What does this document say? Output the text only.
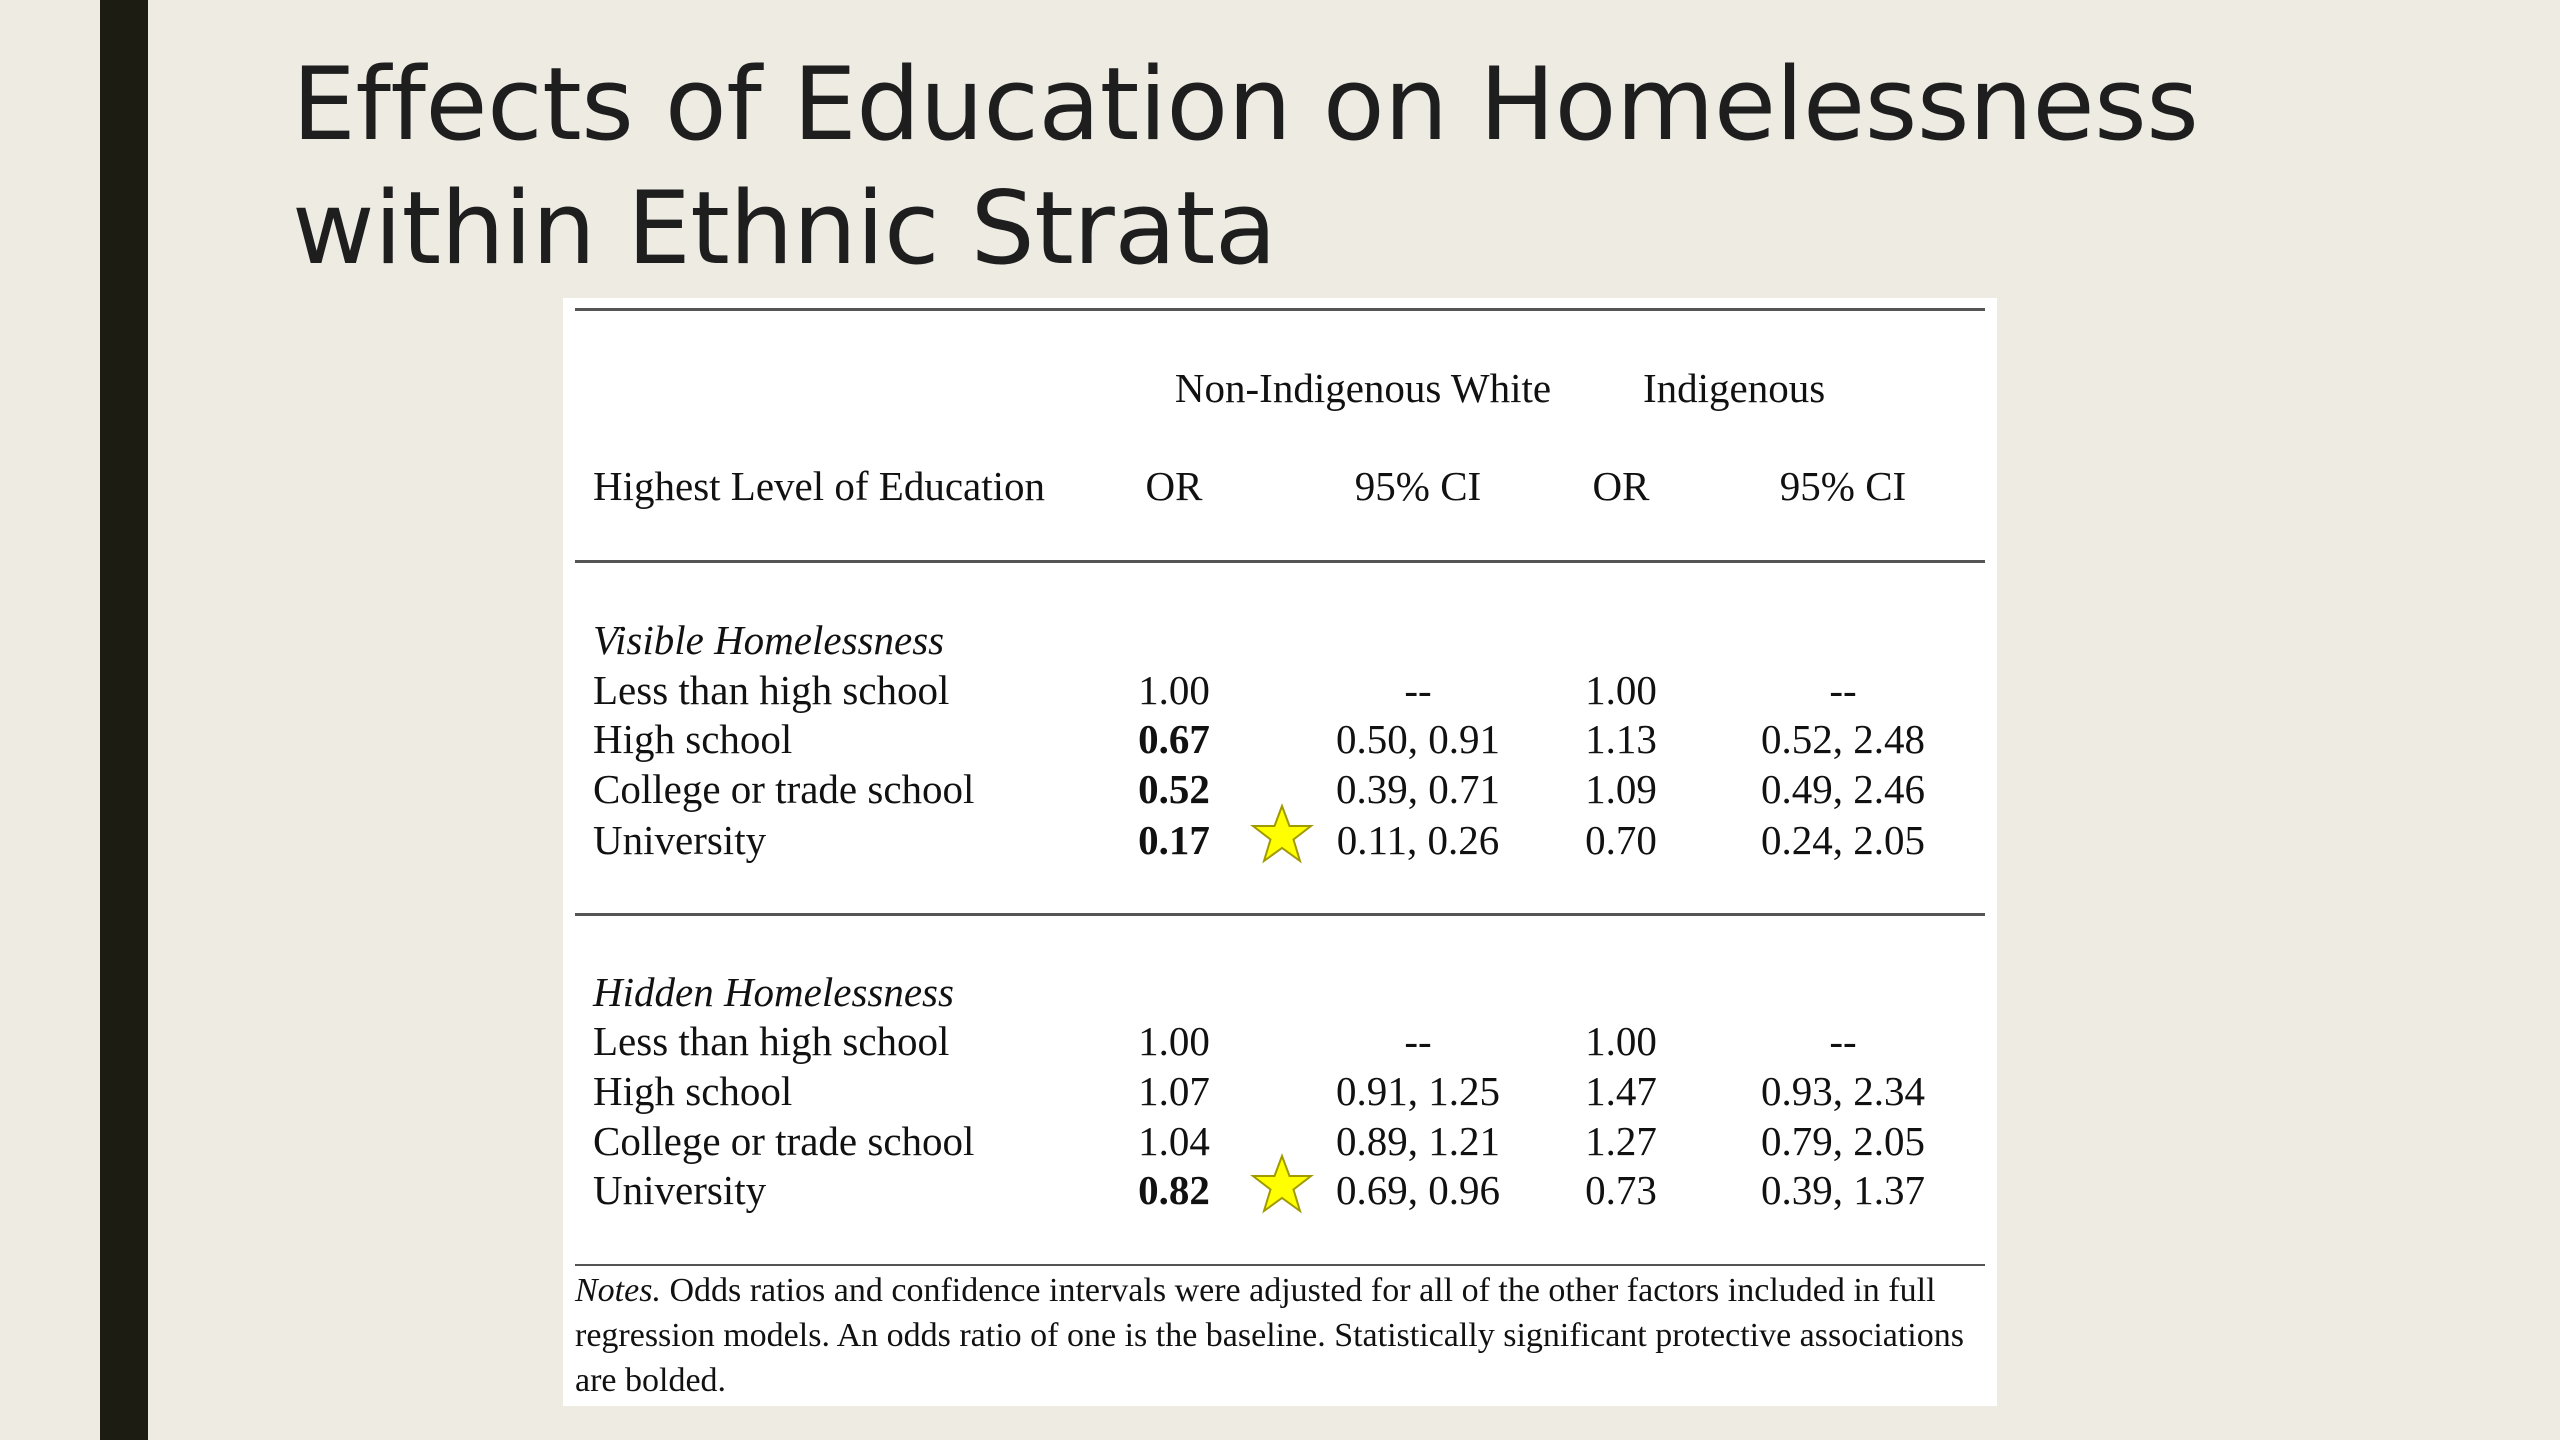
Effects of Education on Homelessness
within Ethnic Strata
Non-Indigenous White	Indigenous
Highest Level of Education	OR	95% CI	OR	95% CI
Visible Homelessness
Less than high school	1.00	--	1.00	--
High school	0.67	0.50, 0.91	1.13	0.52, 2.48
College or trade school	0.52	0.39, 0.71	1.09	0.49, 2.46
University	0.17	0.11, 0.26	0.70	0.24, 2.05
Hidden Homelessness
Less than high school	1.00	--	1.00	--
High school	1.07	0.91, 1.25	1.47	0.93, 2.34
College or trade school	1.04	0.89, 1.21	1.27	0.79, 2.05
University	0.82	0.69, 0.96	0.73	0.39, 1.37
Notes. Odds ratios and confidence intervals were adjusted for all of the other factors included in full regression models. An odds ratio of one is the baseline. Statistically significant protective associations are bolded.
